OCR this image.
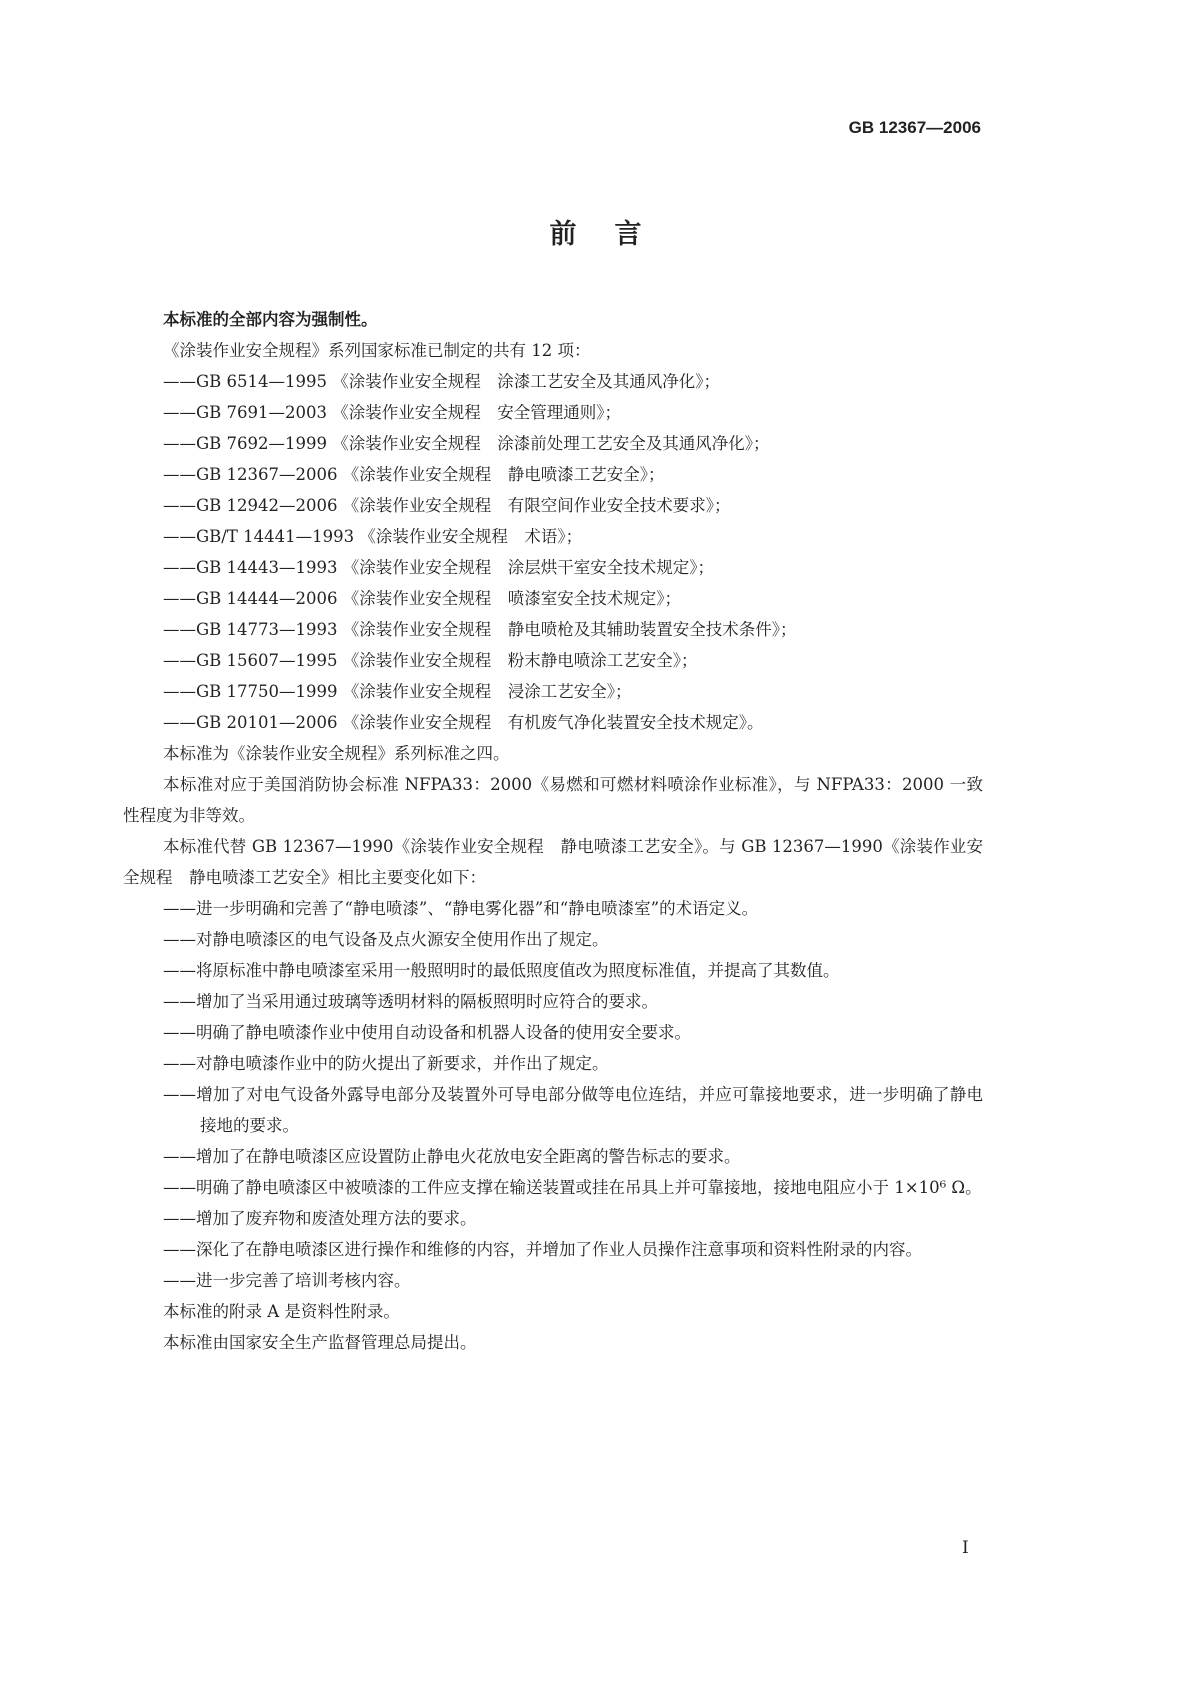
GB 12367—2006
前言

本标准的全部内容为强制性。

《涂装作业安全规程》系列国家标准已制定的共有 12 项：

——GB 6514—1995 《涂装作业安全规程　涂漆工艺安全及其通风净化》；

——GB 7691—2003 《涂装作业安全规程　安全管理通则》；

——GB 7692—1999 《涂装作业安全规程　涂漆前处理工艺安全及其通风净化》；

——GB 12367—2006 《涂装作业安全规程　静电喷漆工艺安全》；

——GB 12942—2006 《涂装作业安全规程　有限空间作业安全技术要求》；

——GB/T 14441—1993 《涂装作业安全规程　术语》；

——GB 14443—1993 《涂装作业安全规程　涂层烘干室安全技术规定》；

——GB 14444—2006 《涂装作业安全规程　喷漆室安全技术规定》；

——GB 14773—1993 《涂装作业安全规程　静电喷枪及其辅助装置安全技术条件》；

——GB 15607—1995 《涂装作业安全规程　粉末静电喷涂工艺安全》；

——GB 17750—1999 《涂装作业安全规程　浸涂工艺安全》；

——GB 20101—2006 《涂装作业安全规程　有机废气净化装置安全技术规定》。

本标准为《涂装作业安全规程》系列标准之四。

本标准对应于美国消防协会标准 NFPA33：2000《易燃和可燃材料喷涂作业标准》，与 NFPA33：2000 一致性程度为非等效。

本标准代替 GB 12367—1990《涂装作业安全规程　静电喷漆工艺安全》。与 GB 12367—1990《涂装作业安全规程　静电喷漆工艺安全》相比主要变化如下：

——进一步明确和完善了“静电喷漆”、“静电雾化器”和“静电喷漆室”的术语定义。

——对静电喷漆区的电气设备及点火源安全使用作出了规定。

——将原标准中静电喷漆室采用一般照明时的最低照度值改为照度标准值，并提高了其数值。

——增加了当采用通过玻璃等透明材料的隔板照明时应符合的要求。

——明确了静电喷漆作业中使用自动设备和机器人设备的使用安全要求。

——对静电喷漆作业中的防火提出了新要求，并作出了规定。

——增加了对电气设备外露导电部分及装置外可导电部分做等电位连结，并应可靠接地要求，进一步明确了静电接地的要求。

——增加了在静电喷漆区应设置防止静电火花放电安全距离的警告标志的要求。

——明确了静电喷漆区中被喷漆的工件应支撑在输送装置或挂在吊具上并可靠接地，接地电阻应小于 1×10⁶ Ω。

——增加了废弃物和废渣处理方法的要求。

——深化了在静电喷漆区进行操作和维修的内容，并增加了作业人员操作注意事项和资料性附录的内容。

——进一步完善了培训考核内容。

本标准的附录 A 是资料性附录。

本标准由国家安全生产监督管理总局提出。

I
